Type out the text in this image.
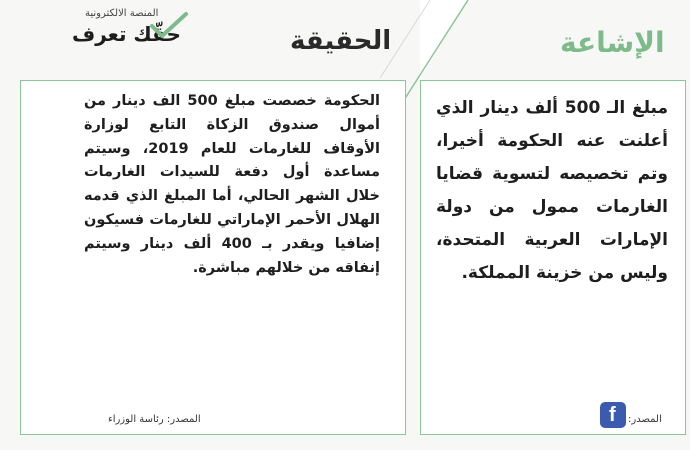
المنصة الالكترونية
حقّك تعرف	الإشاعة
الحقيقة
مبلغ الـ 500 ألف دينار الذي أعلنت عنه الحكومة أخيرا، وتم تخصيصه لتسوية قضايا الغارمات ممول من دولة الإمارات العربية المتحدة، وليس من خزينة المملكة.
الحكومة خصصت مبلغ 500 الف دينار من أموال صندوق الزكاة التابع لوزارة الأوقاف للغارمات للعام 2019، وسيتم مساعدة أول دفعة للسيدات الغارمات خلال الشهر الحالي، أما المبلغ الذي قدمه الهلال الأحمر الإماراتي للغارمات فسيكون إضافيا ويقدر بـ 400 ألف دينار وسيتم إنفاقه من خلالهم مباشرة.
f المصدر:
المصدر: رئاسة الوزراء
